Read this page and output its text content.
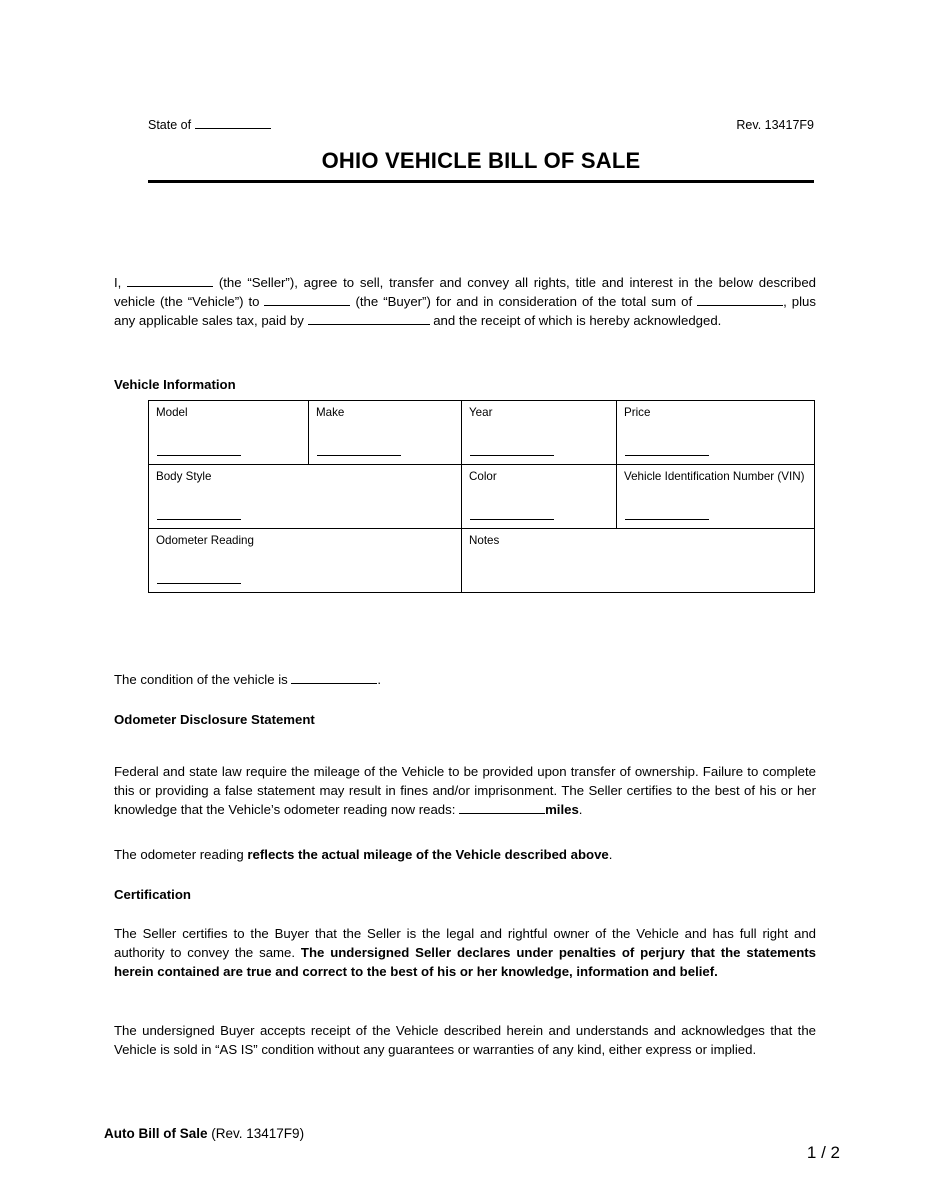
State of	Rev. 13417F9
OHIO VEHICLE BILL OF SALE

I,	(the “Seller”), agree to sell, transfer and convey all rights, title and interest in the below described vehicle (the “Vehicle”) to	(the “Buyer”) for and in consideration of the total sum of	, plus any applicable sales tax, paid by	and the receipt of which is hereby acknowledged.

Vehicle Information
Model	Make	Year	Price

Body Style		Color	Vehicle Identification Number (VIN)

Odometer Reading		Notes	

The condition of the vehicle is	.

Odometer Disclosure Statement

Federal and state law require the mileage of the Vehicle to be provided upon transfer of ownership. Failure to complete this or providing a false statement may result in fines and/or imprisonment. The Seller certifies to the best of his or her knowledge that the Vehicle’s odometer reading now reads:	miles.

The odometer reading reflects the actual mileage of the Vehicle described above.

Certification

The Seller certifies to the Buyer that the Seller is the legal and rightful owner of the Vehicle and has full right and authority to convey the same. The undersigned Seller declares under penalties of perjury that the statements herein contained are true and correct to the best of his or her knowledge, information and belief.

The undersigned Buyer accepts receipt of the Vehicle described herein and understands and acknowledges that the Vehicle is sold in “AS IS” condition without any guarantees or warranties of any kind, either express or implied.

Auto Bill of Sale (Rev. 13417F9)
1 / 2
